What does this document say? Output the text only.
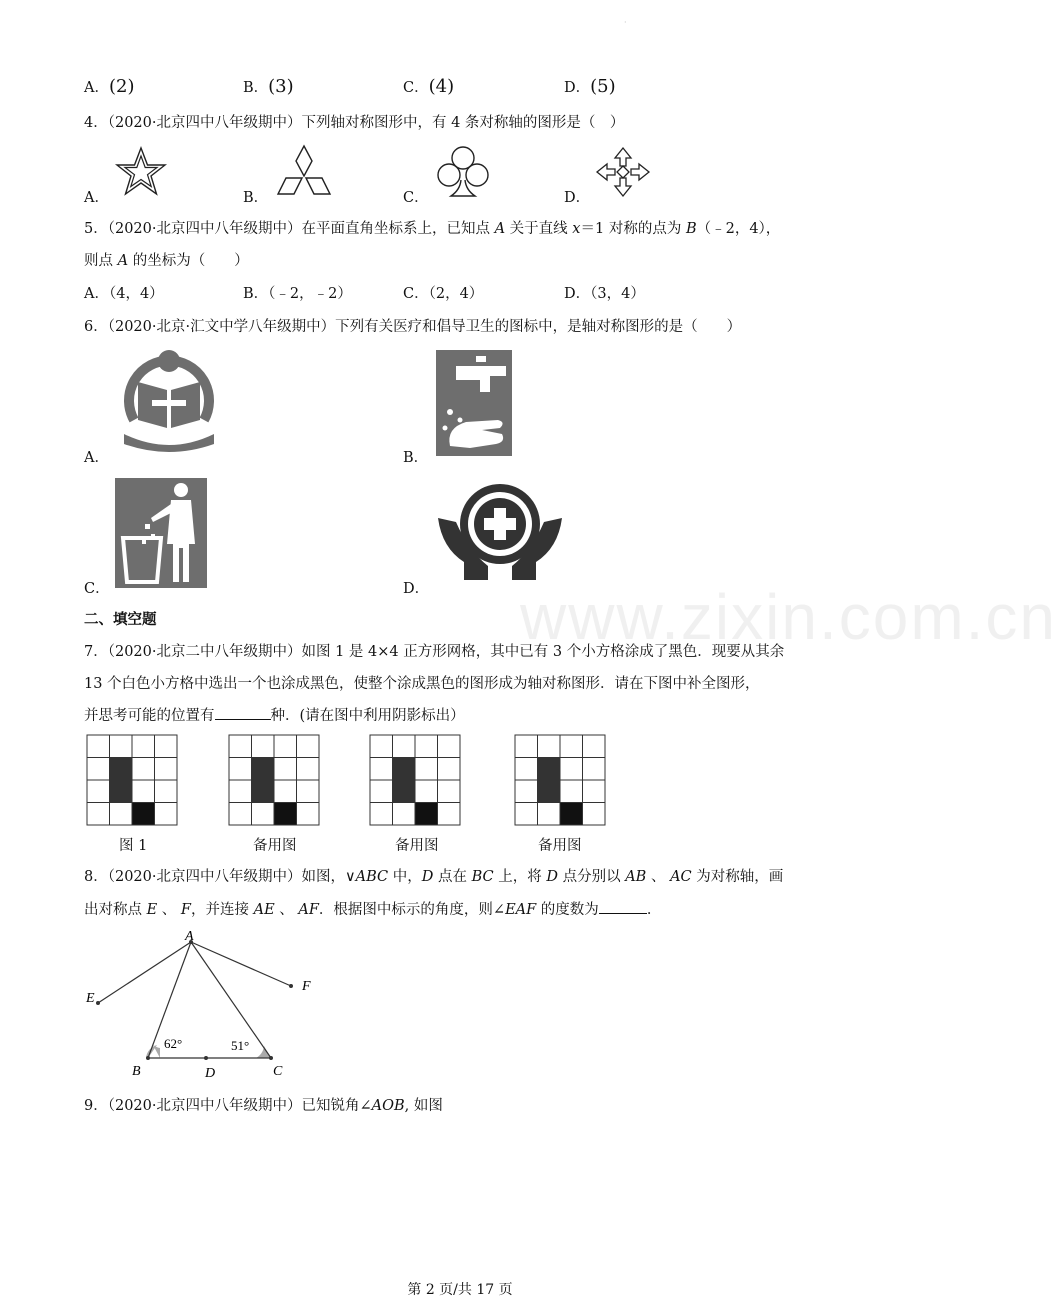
·
A．(2)	B．(3)	C．(4)	D．(5)
4．（2020·北京四中八年级期中）下列轴对称图形中，有 4 条对称轴的图形是（　）
A．	B．	C．	D．
5．（2020·北京四中八年级期中）在平面直角坐标系上，已知点 A 关于直线 x＝1 对称的点为 B（﹣2，4），
则点 A 的坐标为（　　）
A．（4，4）	B．（﹣2，﹣2）	C．（2，4）	D．（3，4）
6．（2020·北京·汇文中学八年级期中）下列有关医疗和倡导卫生的图标中，是轴对称图形的是（　　）
A．	B．
C．	D．
二、填空题	www.zixin.com.cn
7．（2020·北京二中八年级期中）如图 1 是 4×4 正方形网格，其中已有 3 个小方格涂成了黑色．现要从其余
13 个白色小方格中选出一个也涂成黑色，使整个涂成黑色的图形成为轴对称图形．请在下图中补全图形，
并思考可能的位置有	种．(请在图中利用阴影标出）
图 1	备用图	备用图	备用图
8．（2020·北京四中八年级期中）如图，∨ABC 中，D 点在 BC 上，将 D 点分别以 AB 、 AC 为对称轴，画
出对称点 E 、 F，并连接 AE 、 AF．根据图中标示的角度，则∠EAF 的度数为	．
A
E
F
B	C
D
62°	51°
9．（2020·北京四中八年级期中）已知锐角∠AOB, 如图
第 2 页/共 17 页
